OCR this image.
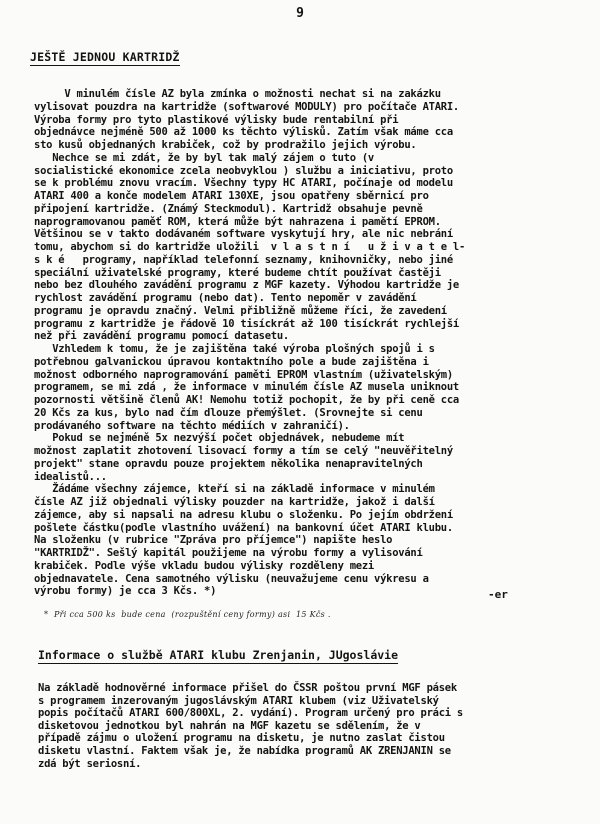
9
JEŠTĚ JEDNOU KARTRIDŽ
V minulém čísle AZ byla zmínka o možnosti nechat si na zakázku
vylisovat pouzdra na kartridže (softwarové MODULY) pro počítače ATARI.
Výroba formy pro tyto plastikové výlisky bude rentabilní při
objednávce nejméně 500 až 1000 ks těchto výlisků. Zatím však máme cca
sto kusů objednaných krabiček, což by prodražilo jejich výrobu.
Nechce se mi zdát, že by byl tak malý zájem o tuto (v
socialistické ekonomice zcela neobvyklou ) službu a iniciativu, proto
se k problému znovu vracím. Všechny typy HC ATARI, počínaje od modelu
ATARI 400 a konče modelem ATARI 130XE, jsou opatřeny sběrnicí pro
připojení kartridže. (Známý Steckmodul). Kartridž obsahuje pevně
naprogramovanou paměť ROM, která může být nahrazena i pamětí EPROM.
Většinou se v takto dodávaném software vyskytují hry, ale nic nebrání
tomu, abychom si do kartridže uložili  v l a s t n í   u ž i v a t e l-
s k é   programy, například telefonní seznamy, knihovničky, nebo jiné
speciální uživatelské programy, které budeme chtít používat častěji
nebo bez dlouhého zavádění programu z MGF kazety. Výhodou kartridže je
rychlost zavádění programu (nebo dat). Tento nepoměr v zavádění
programu je opravdu značný. Velmi přibližně můžeme říci, že zavedení
programu z kartridže je řádově 10 tisíckrát až 100 tisíckrát rychlejší
než při zavádění programu pomocí datasetu.
Vzhledem k tomu, že je zajištěna také výroba plošných spojů i s
potřebnou galvanickou úpravou kontaktního pole a bude zajištěna i
možnost odborného naprogramování paměti EPROM vlastním (uživatelským)
programem, se mi zdá , že informace v minulém čísle AZ musela uniknout
pozornosti většině členů AK! Nemohu totiž pochopit, že by při ceně cca
20 Kčs za kus, bylo nad čím dlouze přemýšlet. (Srovnejte si cenu
prodávaného software na těchto médiích v zahraničí).
Pokud se nejméně 5x nezvýší počet objednávek, nebudeme mít
možnost zaplatit zhotovení lisovací formy a tím se celý "neuvěřitelný
projekt" stane opravdu pouze projektem několika nenapravitelných
idealistů...
Žádáme všechny zájemce, kteří si na základě informace v minulém
čísle AZ již objednali výlisky pouzder na kartridže, jakož i další
zájemce, aby si napsali na adresu klubu o složenku. Po jejím obdržení
pošlete částku(podle vlastního uvážení) na bankovní účet ATARI klubu.
Na složenku (v rubrice "Zpráva pro příjemce") napište heslo
"KARTRIDŽ". Sešlý kapitál použijeme na výrobu formy a vylisování
krabiček. Podle výše vkladu budou výlisky rozděleny mezi
objednavatele. Cena samotného výlisku (neuvažujeme cenu výkresu a
výrobu formy) je cca 3 Kčs. *)	-er
*  Při cca 500 ks  bude cena  (rozpuštění ceny formy) asi  15 Kčs .
Informace o službě ATARI klubu Zrenjanin, JUgoslávie
Na základě hodnověrné informace přišel do ČSSR poštou první MGF pásek
s programem inzerovaným jugoslávským ATARI klubem (viz Uživatelský
popis počítačů ATARI 600/800XL, 2. vydání). Program určený pro práci s
disketovou jednotkou byl nahrán na MGF kazetu se sdělením, že v
případě zájmu o uložení programu na disketu, je nutno zaslat čistou
disketu vlastní. Faktem však je, že nabídka programů AK ZRENJANIN se
zdá být seriosní.
